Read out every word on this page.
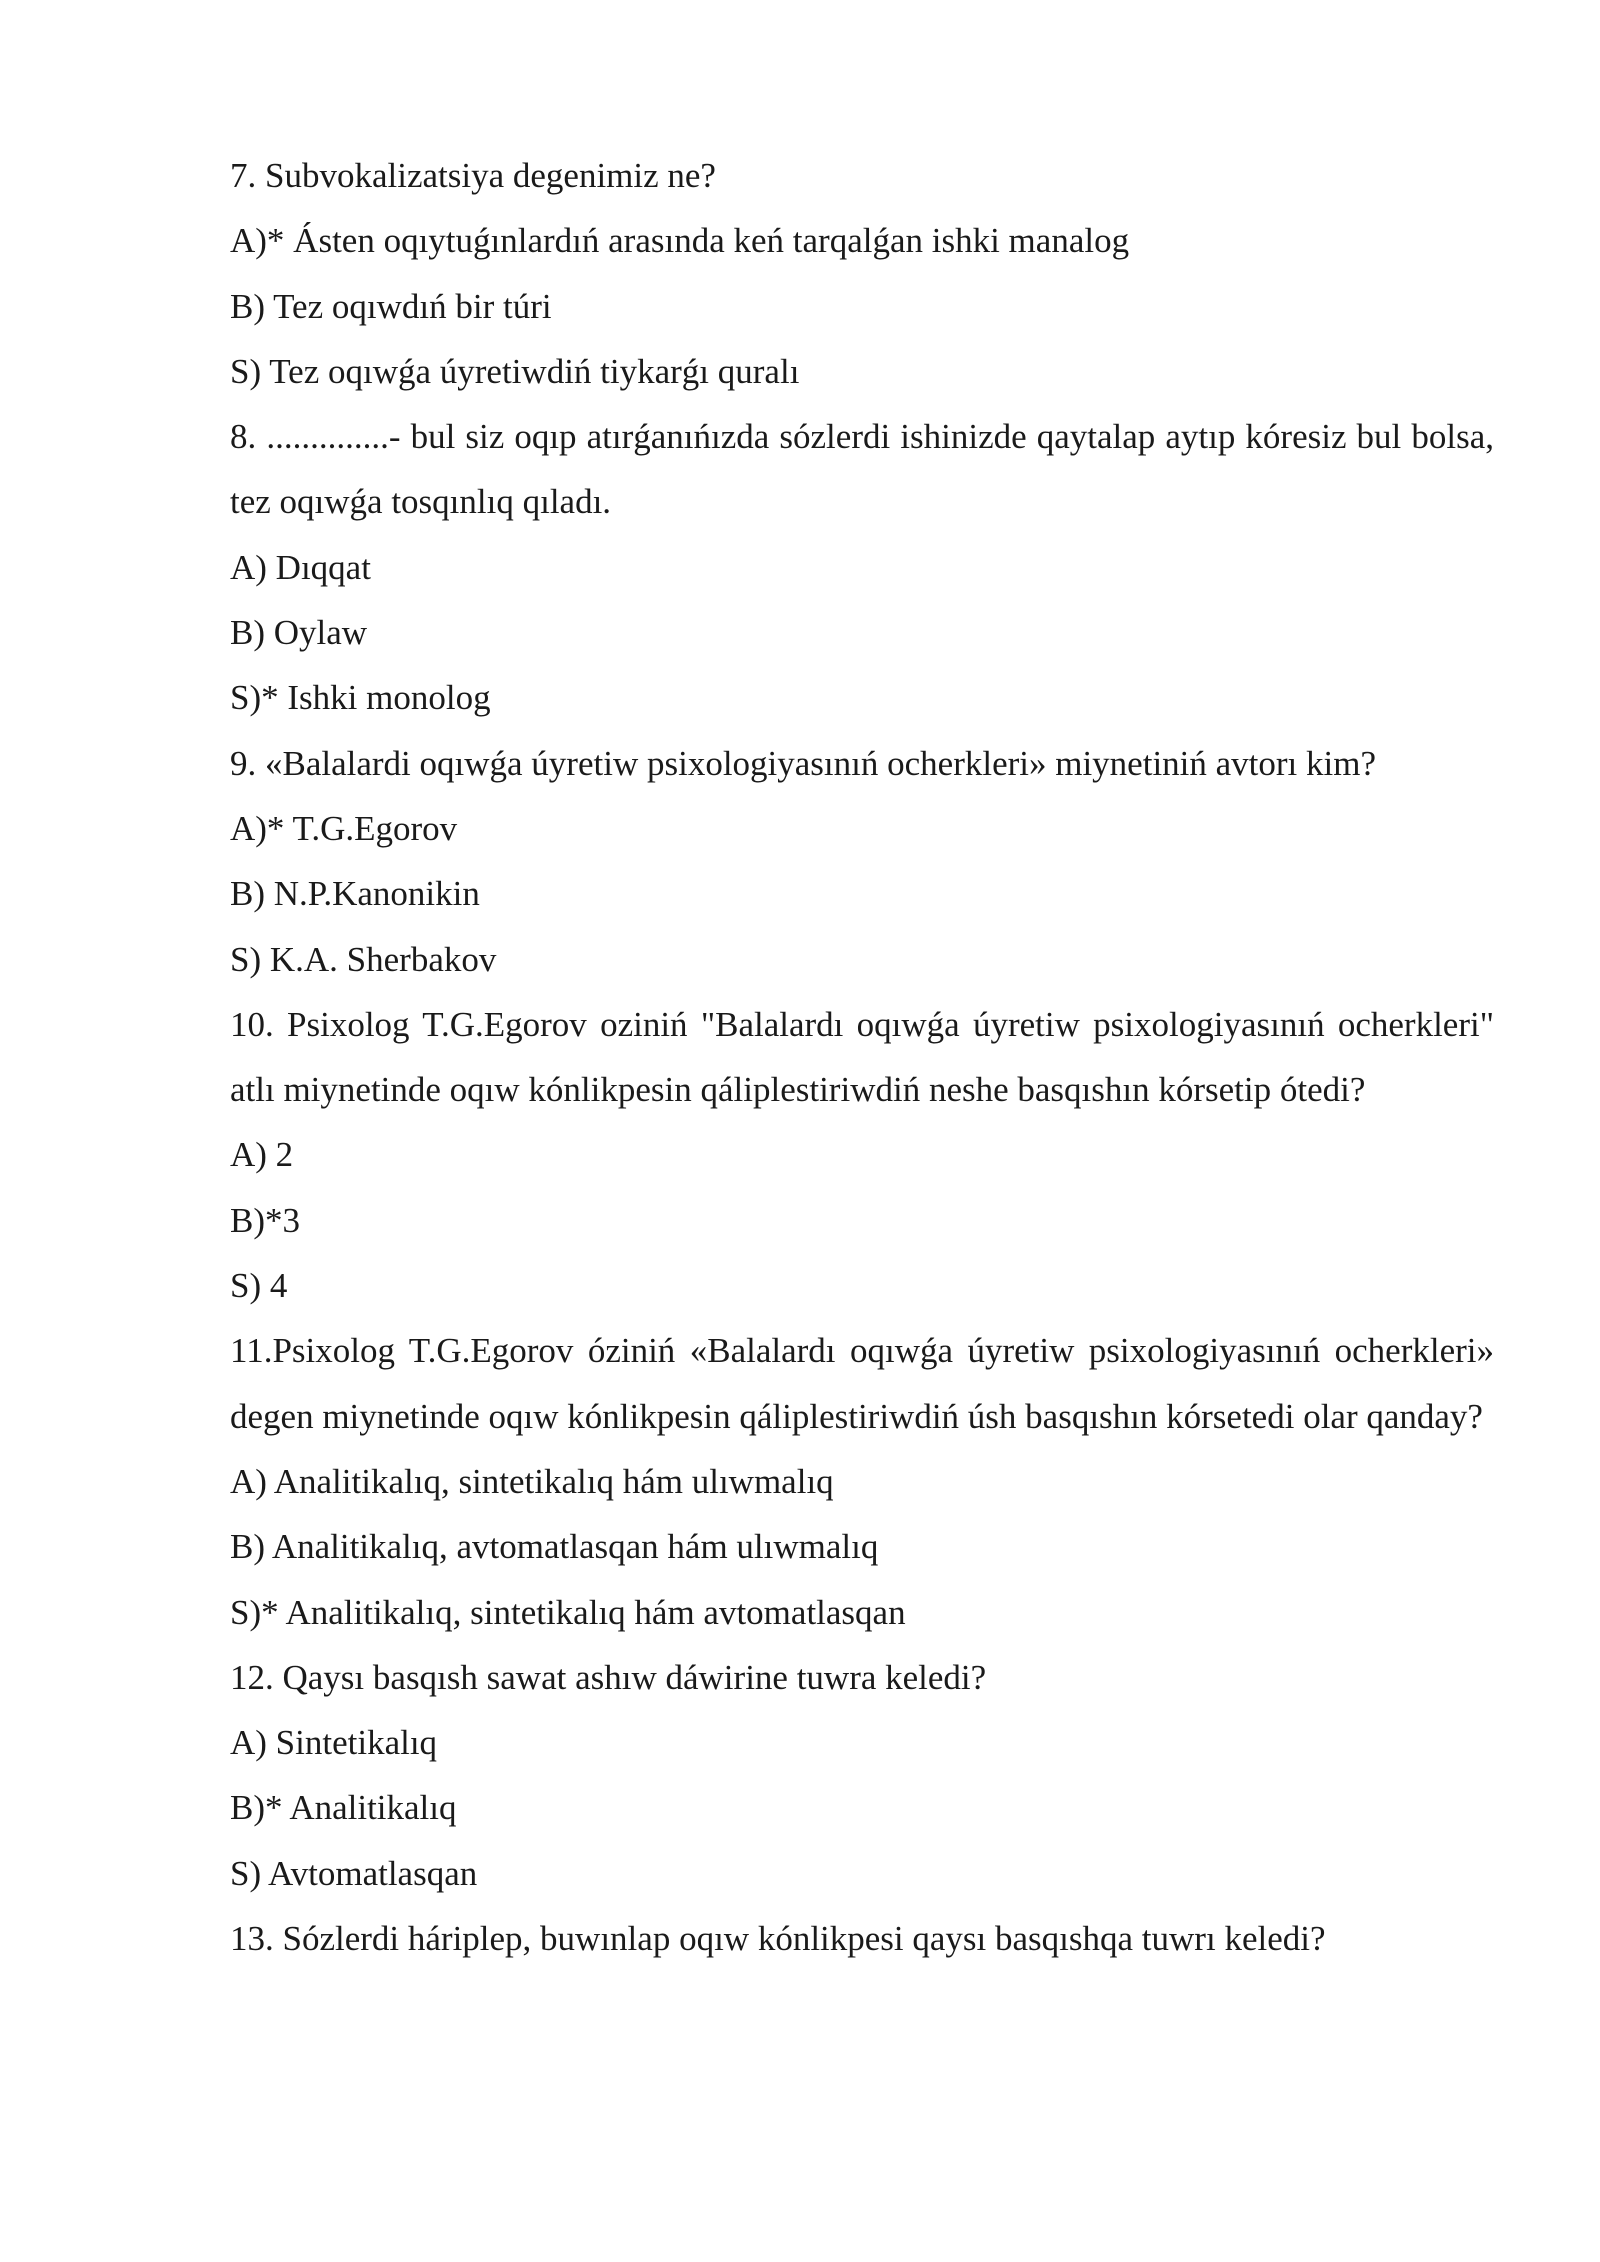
7. Subvokalizatsiya degenimiz ne?
A)* Ásten oqıytuǵınlardıń arasında keń tarqalǵan ishki manalog
B) Tez oqıwdıń bir túri
S) Tez oqıwǵa úyretiwdiń tiykarǵı quralı
8. ..............- bul siz oqıp atırǵanıńızda sózlerdi ishinizde qaytalap aytıp kóresiz bul bolsa, tez oqıwǵa tosqınlıq qıladı.
A) Dıqqat
B) Oylaw
S)* Ishki monolog
9. «Balalardi oqıwǵa úyretiw psixologiyasınıń ocherkleri» miynetiniń avtorı kim?
A)* T.G.Egorov
B) N.P.Kanonikin
S) K.A. Sherbakov
10. Psixolog T.G.Egorov oziniń "Balalardı oqıwǵa úyretiw psixologiyasınıń ocherkleri" atlı miynetinde oqıw kónlikpesin qáliplestiriwdiń neshe basqıshın kórsetip ótedi?
A) 2
B)*3
S) 4
11.Psixolog T.G.Egorov óziniń «Balalardı oqıwǵa úyretiw psixologiyasınıń ocherkleri» degen miynetinde oqıw kónlikpesin qáliplestiriwdiń úsh basqıshın kórsetedi olar qanday?
A) Analitikalıq, sintetikalıq hám ulıwmalıq
B) Analitikalıq, avtomatlasqan hám ulıwmalıq
S)* Analitikalıq, sintetikalıq hám avtomatlasqan
12. Qaysı basqısh sawat ashıw dáwirine tuwra keledi?
A) Sintetikalıq
B)* Analitikalıq
S) Avtomatlasqan
13. Sózlerdi háriplep, buwınlap oqıw kónlikpesi qaysı basqıshqa tuwrı keledi?
